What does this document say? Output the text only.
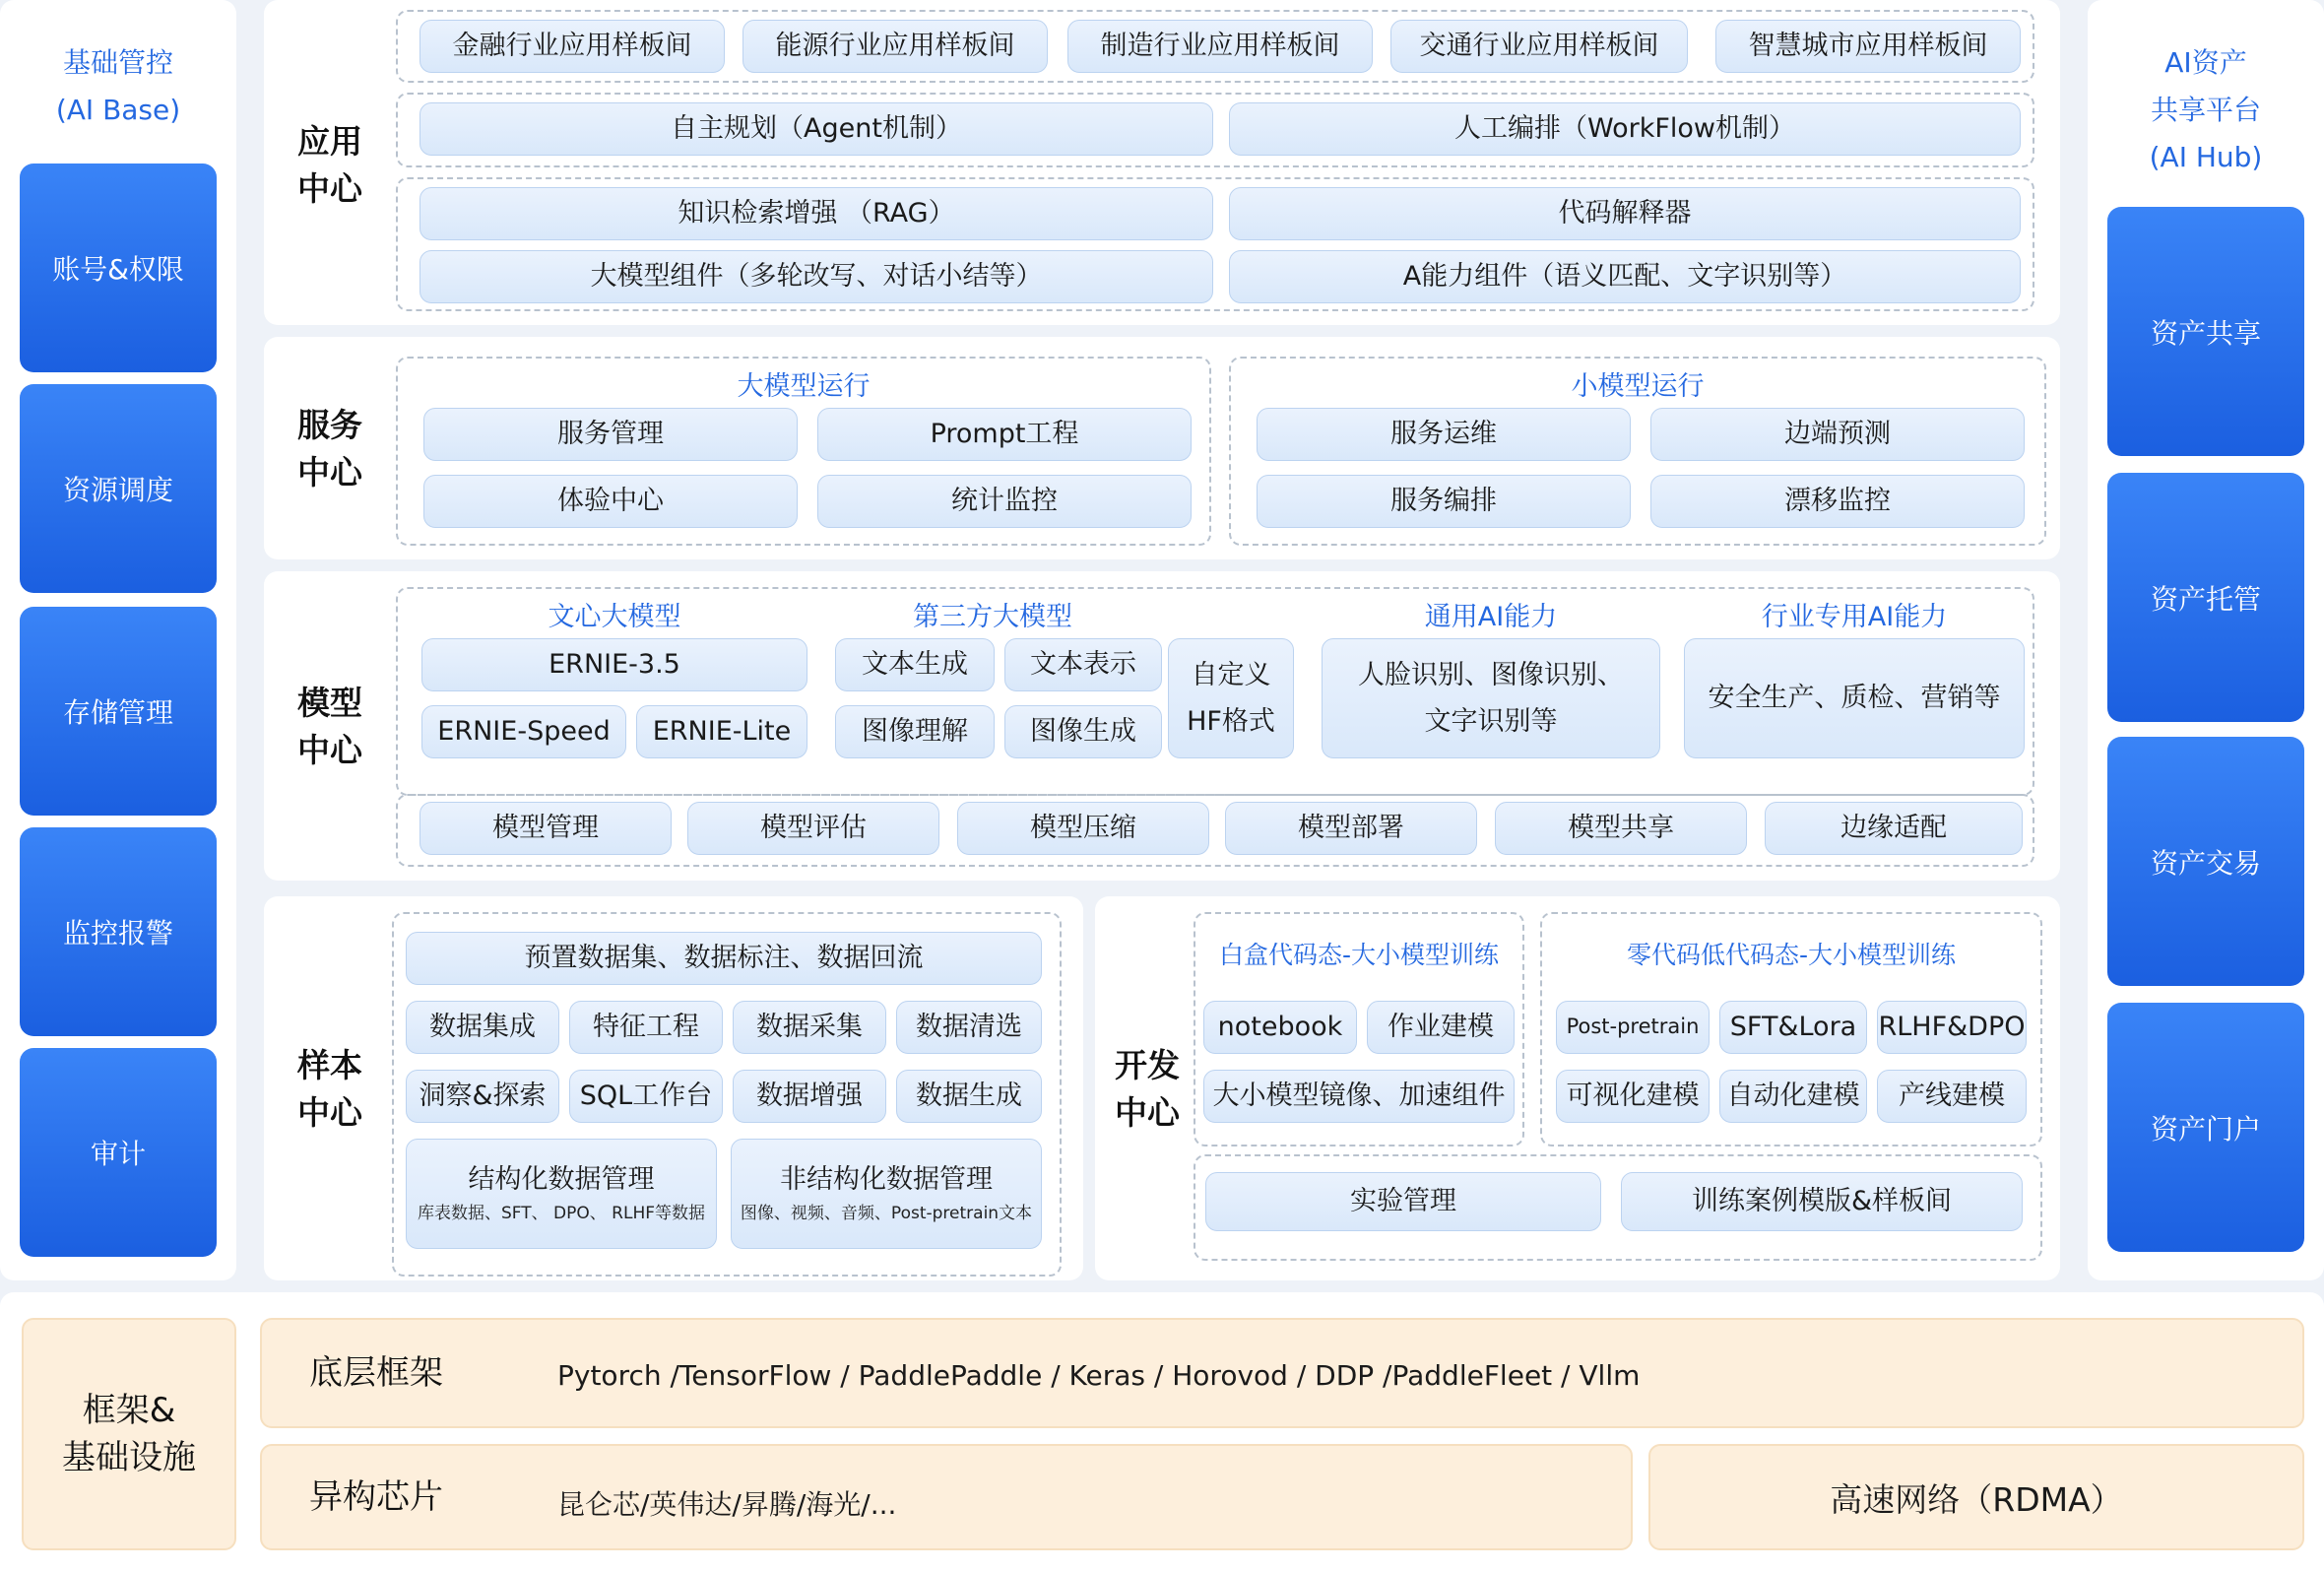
基础管控
(AI Base)
账号&权限
资源调度
存储管理
监控报警
审计
AI资产
共享平台
(AI Hub)
资产共享
资产托管
资产交易
资产门户
应用
中心
金融行业应用样板间	能源行业应用样板间	制造行业应用样板间	交通行业应用样板间	智慧城市应用样板间
自主规划（Agent机制）	人工编排（WorkFlow机制）
知识检索增强 （RAG）	代码解释器
大模型组件（多轮改写、对话小结等）	A能力组件（语义匹配、文字识别等）
服务
中心
大模型运行
服务管理	Prompt工程
体验中心	统计监控
小模型运行
服务运维	边端预测
服务编排	漂移监控
模型
中心
文心大模型
ERNIE-3.5
ERNIE-Speed	ERNIE-Lite
第三方大模型
文本生成	文本表示
图像理解	图像生成
自定义
HF格式
通用AI能力
人脸识别、图像识别、
文字识别等
行业专用AI能力
安全生产、质检、营销等
模型管理	模型评估	模型压缩	模型部署	模型共享	边缘适配
样本
中心
预置数据集、数据标注、数据回流
数据集成	特征工程	数据采集	数据清选
洞察&探索	SQL工作台	数据增强	数据生成
结构化数据管理
库表数据、SFT、 DPO、 RLHF等数据
非结构化数据管理
图像、视频、音频、Post-pretrain文本
开发
中心
白盒代码态-大小模型训练
notebook	作业建模
大小模型镜像、加速组件
零代码低代码态-大小模型训练
Post-pretrain	SFT&Lora RLHF&DPO
可视化建模	自动化建模	产线建模
实验管理	训练案例模版&样板间
框架&
基础设施
底层框架	Pytorch /TensorFlow / PaddlePaddle / Keras / Horovod / DDP /PaddleFleet / Vllm
异构芯片	昆仑芯/英伟达/昇腾/海光/...	高速网络（RDMA）
